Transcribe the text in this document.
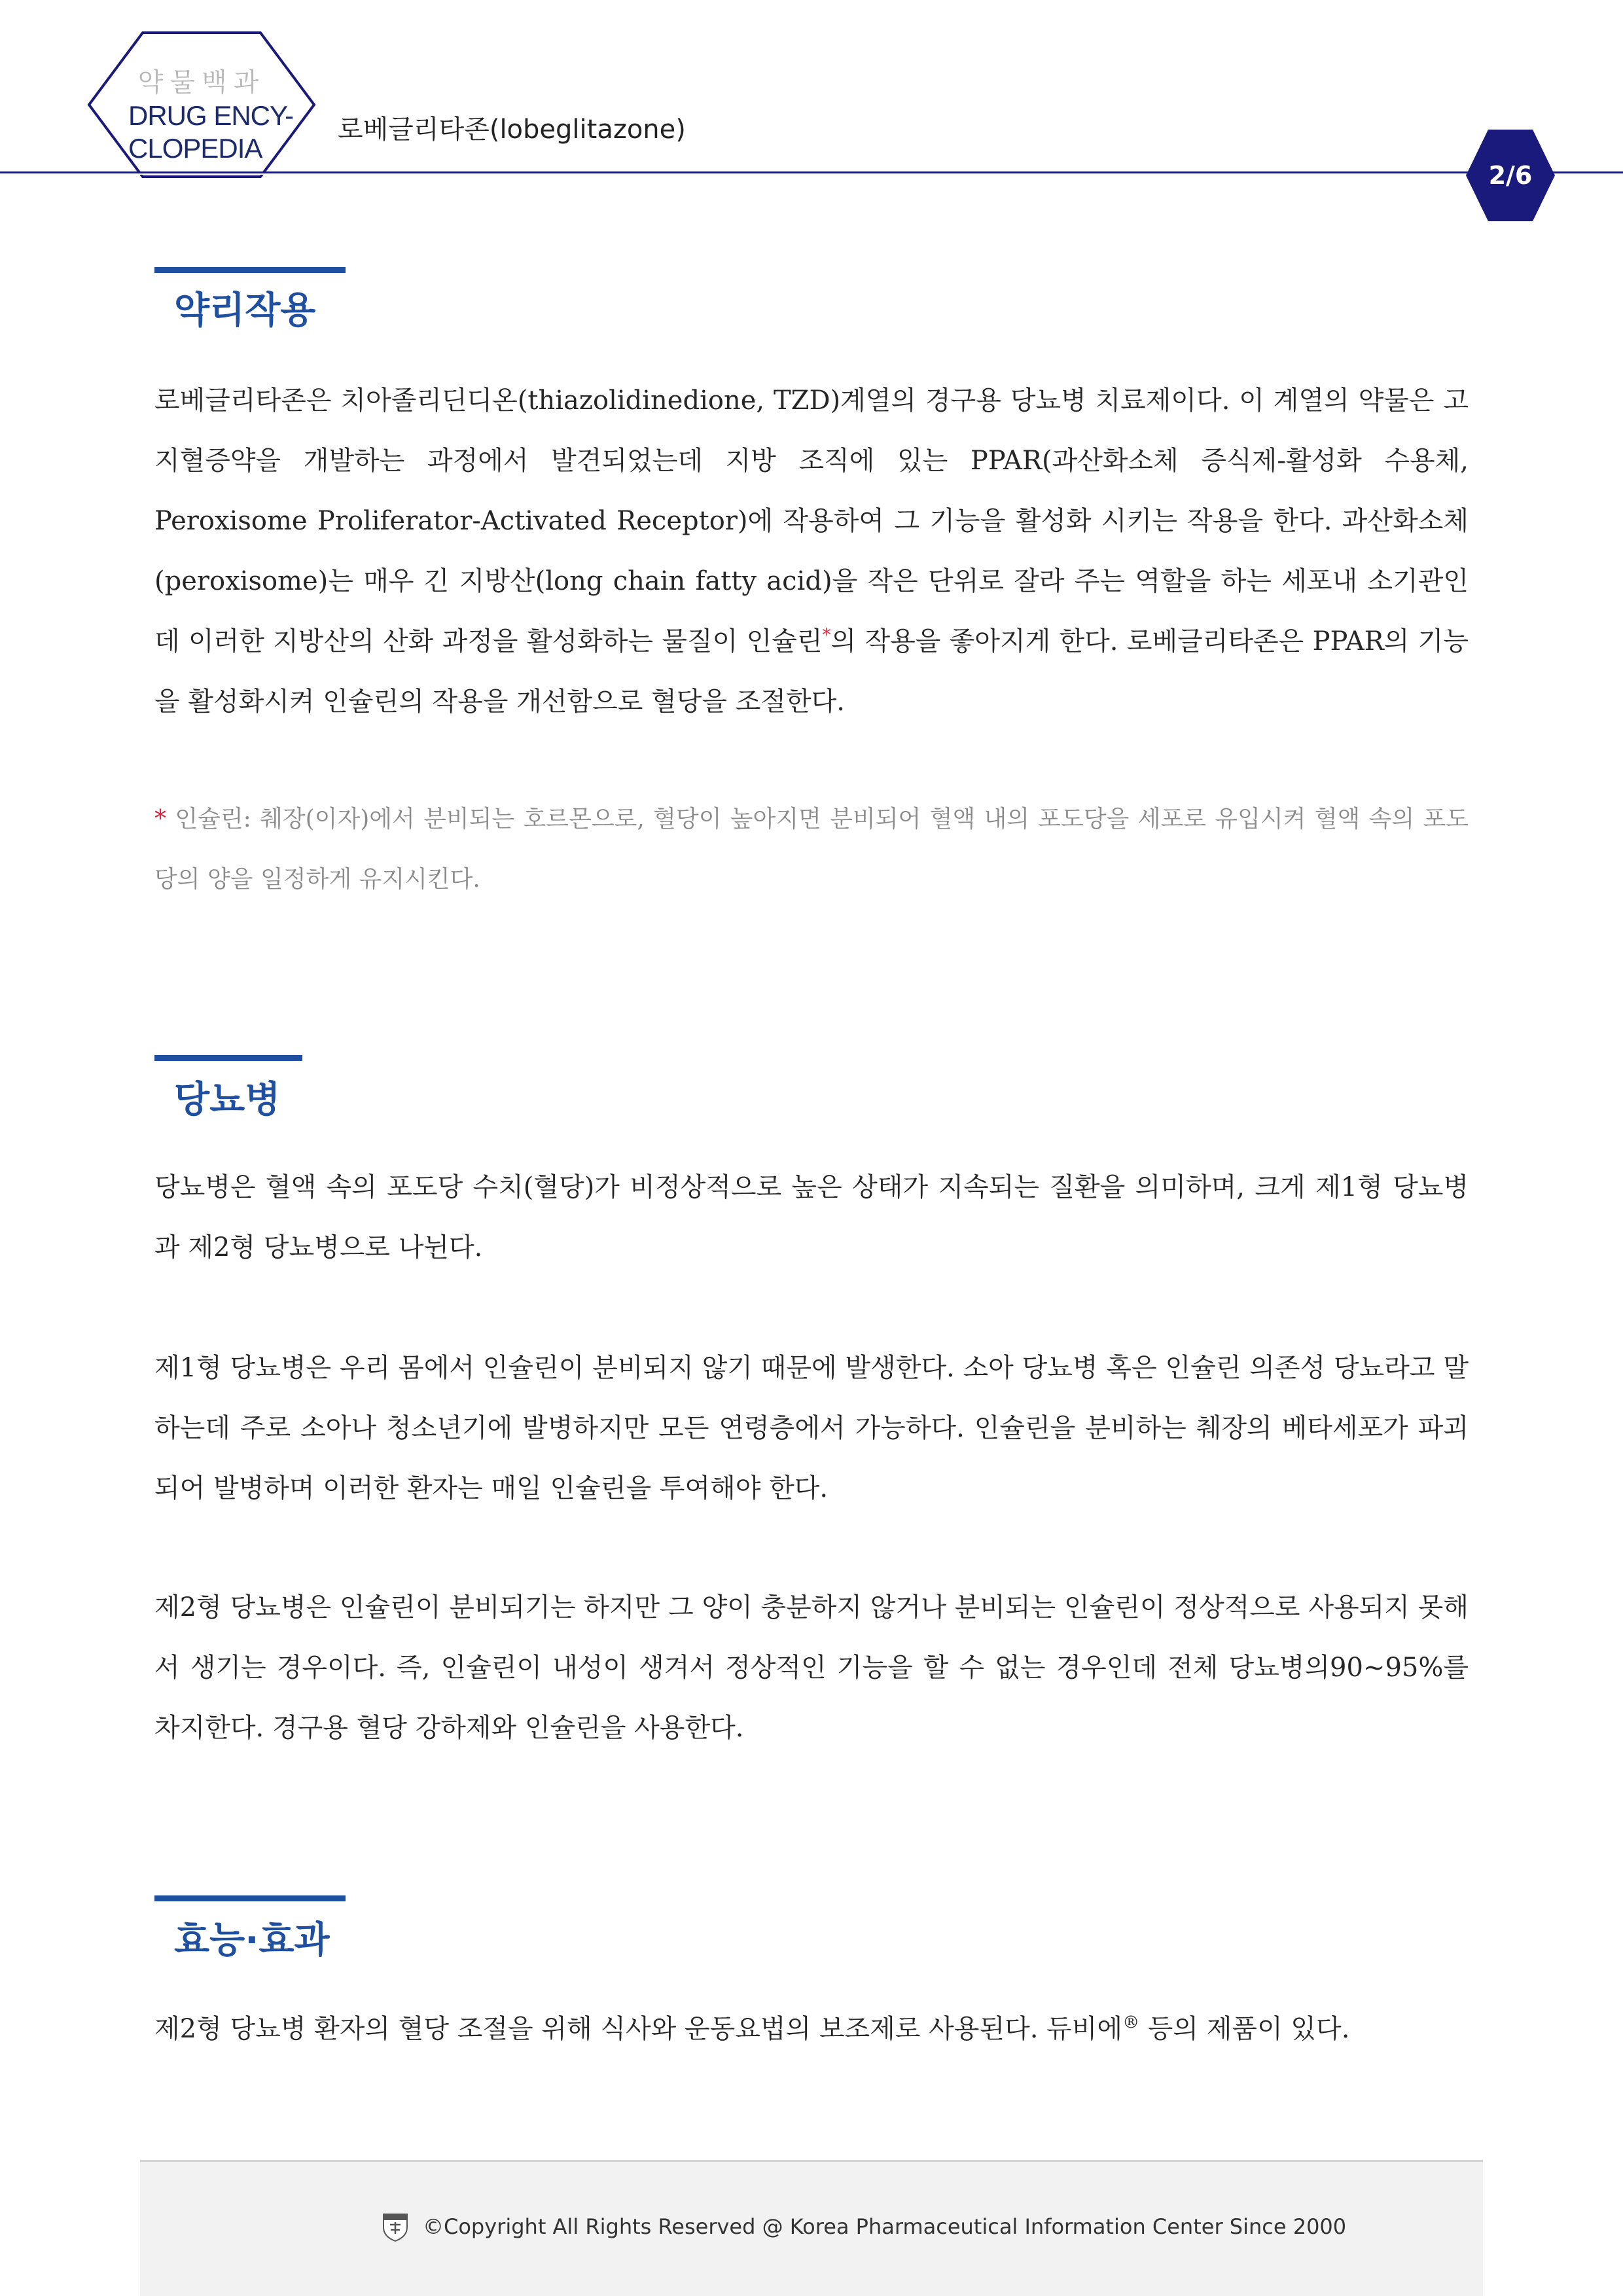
약물백과
DRUG ENCY-
CLOPEDIA
로베글리타존(lobeglitazone)
2/6
약리작용
로베글리타존은 치아졸리딘디온(thiazolidinedione, TZD)계열의 경구용 당뇨병 치료제이다. 이 계열의 약물은 고지혈증약을 개발하는 과정에서 발견되었는데 지방 조직에 있는 PPAR(과산화소체 증식제-활성화 수용체, Peroxisome Proliferator-Activated Receptor)에 작용하여 그 기능을 활성화 시키는 작용을 한다. 과산화소체(peroxisome)는 매우 긴 지방산(long chain fatty acid)을 작은 단위로 잘라 주는 역할을 하는 세포내 소기관인데 이러한 지방산의 산화 과정을 활성화하는 물질이 인슐린*의 작용을 좋아지게 한다. 로베글리타존은 PPAR의 기능을 활성화시켜 인슐린의 작용을 개선함으로 혈당을 조절한다.
* 인슐린: 췌장(이자)에서 분비되는 호르몬으로, 혈당이 높아지면 분비되어 혈액 내의 포도당을 세포로 유입시켜 혈액 속의 포도당의 양을 일정하게 유지시킨다.
당뇨병
당뇨병은 혈액 속의 포도당 수치(혈당)가 비정상적으로 높은 상태가 지속되는 질환을 의미하며, 크게 제1형 당뇨병과 제2형 당뇨병으로 나뉜다.
제1형 당뇨병은 우리 몸에서 인슐린이 분비되지 않기 때문에 발생한다. 소아 당뇨병 혹은 인슐린 의존성 당뇨라고 말하는데 주로 소아나 청소년기에 발병하지만 모든 연령층에서 가능하다. 인슐린을 분비하는 췌장의 베타세포가 파괴되어 발병하며 이러한 환자는 매일 인슐린을 투여해야 한다.
제2형 당뇨병은 인슐린이 분비되기는 하지만 그 양이 충분하지 않거나 분비되는 인슐린이 정상적으로 사용되지 못해서 생기는 경우이다. 즉, 인슐린이 내성이 생겨서 정상적인 기능을 할 수 없는 경우인데 전체 당뇨병의90~95%를 차지한다. 경구용 혈당 강하제와 인슐린을 사용한다.
효능·효과
제2형 당뇨병 환자의 혈당 조절을 위해 식사와 운동요법의 보조제로 사용된다. 듀비에® 등의 제품이 있다.
©Copyright All Rights Reserved @ Korea Pharmaceutical Information Center Since 2000
